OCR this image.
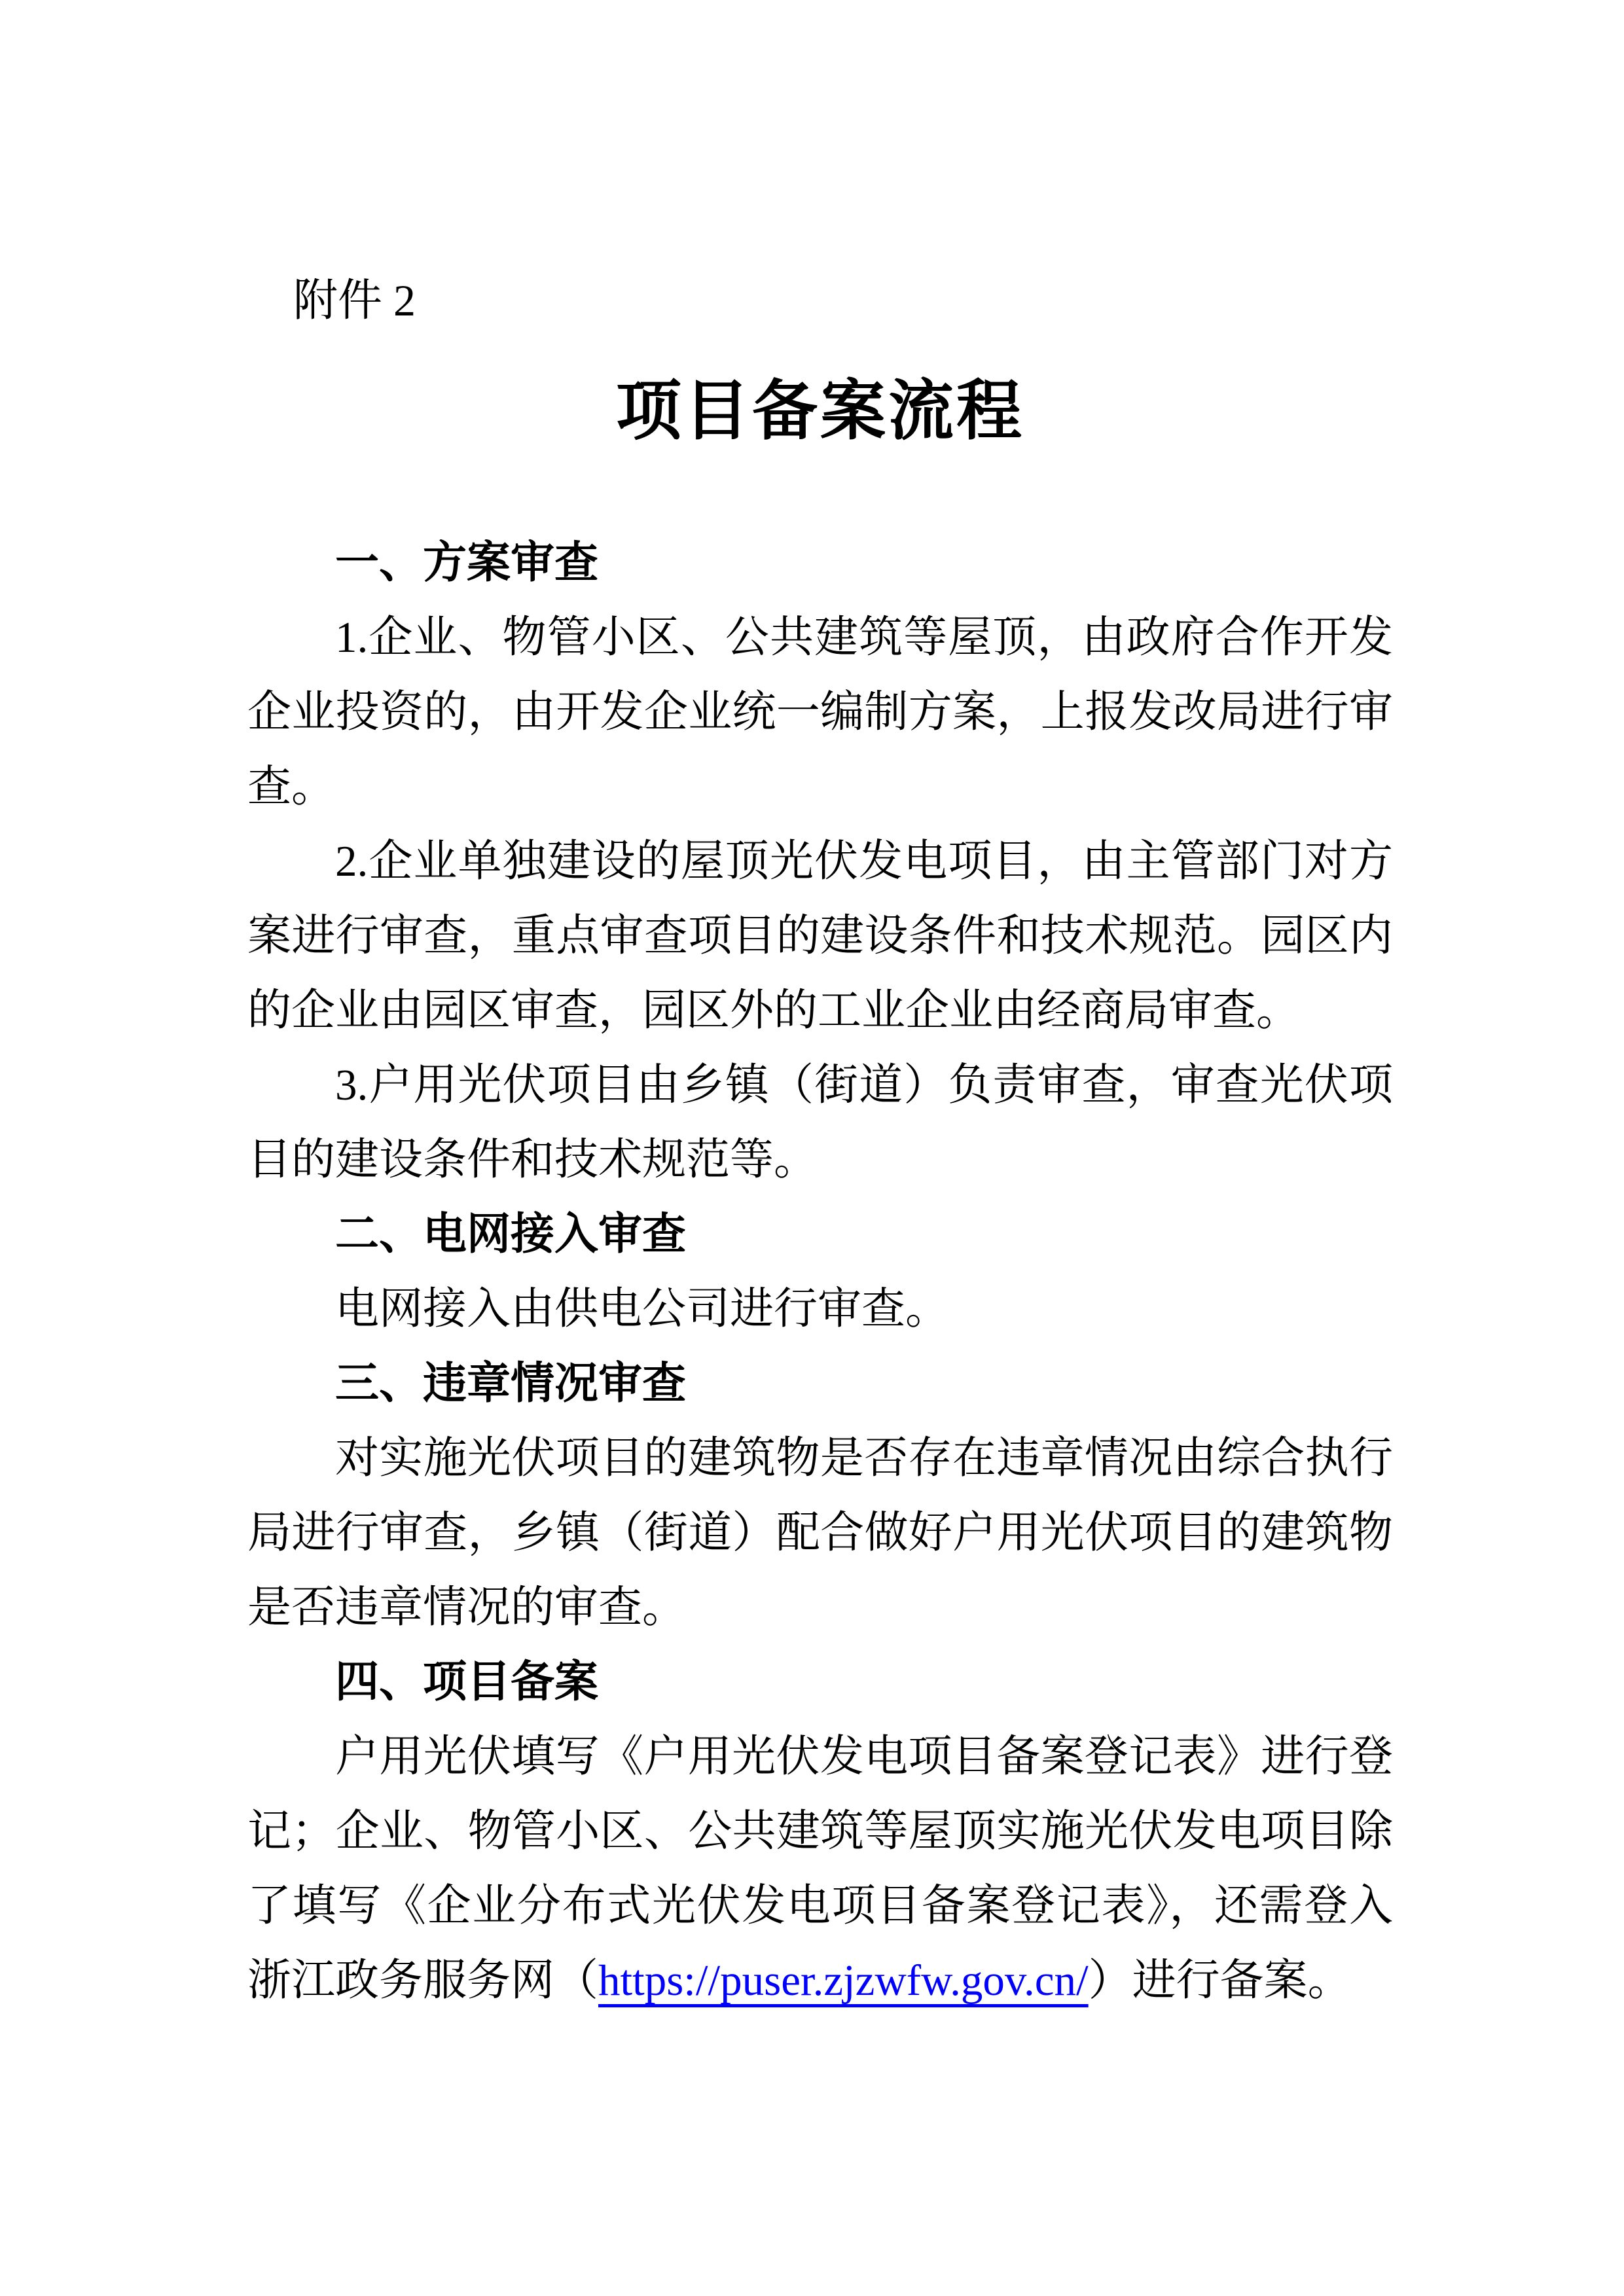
附件 2
项目备案流程
一、方案审查

1.企业、物管小区、公共建筑等屋顶，由政府合作开发企业投资的，由开发企业统一编制方案，上报发改局进行审查。

2.企业单独建设的屋顶光伏发电项目，由主管部门对方案进行审查，重点审查项目的建设条件和技术规范。园区内的企业由园区审查，园区外的工业企业由经商局审查。

3.户用光伏项目由乡镇（街道）负责审查，审查光伏项目的建设条件和技术规范等。

二、电网接入审查

电网接入由供电公司进行审查。

三、违章情况审查

对实施光伏项目的建筑物是否存在违章情况由综合执行局进行审查，乡镇（街道）配合做好户用光伏项目的建筑物是否违章情况的审查。

四、项目备案

户用光伏填写《户用光伏发电项目备案登记表》进行登记；企业、物管小区、公共建筑等屋顶实施光伏发电项目除了填写《企业分布式光伏发电项目备案登记表》，还需登入浙江政务服务网（https://puser.zjzwfw.gov.cn/）进行备案。
